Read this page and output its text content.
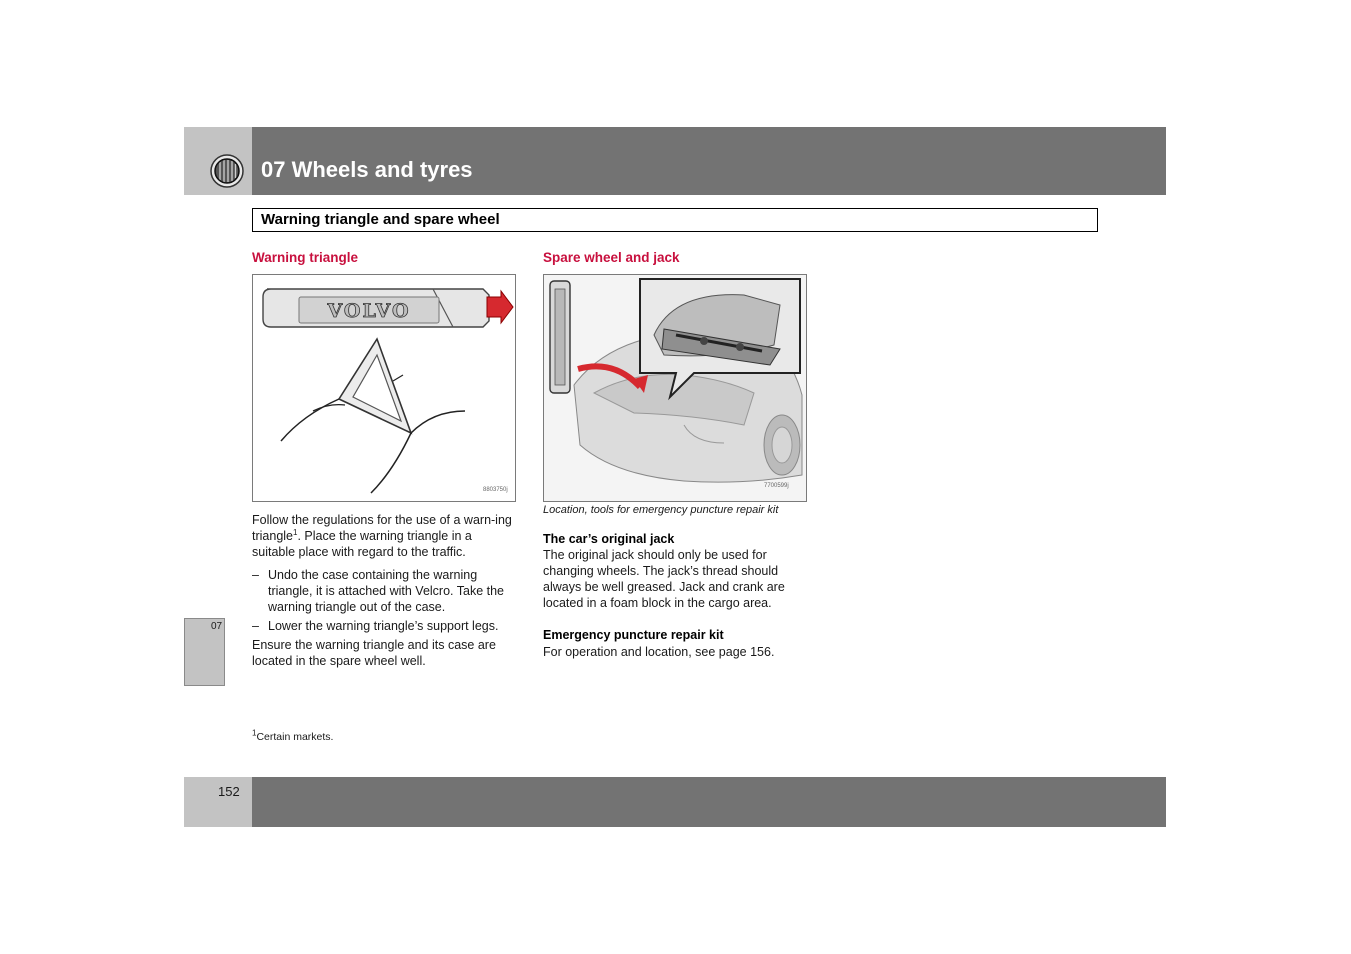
07 Wheels and tyres
Warning triangle and spare wheel
Warning triangle
VOLVO
8803750j

Follow the regulations for the use of a warn-ing triangle$^1$. Place the warning triangle in a suitable place with regard to the traffic.

– Undo the case containing the warning triangle, it is attached with Velcro. Take the warning triangle out of the case.
– Lower the warning triangle’s support legs.

Ensure the warning triangle and its case are located in the spare wheel well.

Spare wheel and jack
7700599j
Location, tools for emergency puncture repair kit
The car’s original jack
The original jack should only be used for changing wheels. The jack’s thread should always be well greased. Jack and crank are located in a foam block in the cargo area.
Emergency puncture repair kit
For operation and location, see page 156.
07
$^1$Certain markets.
152
